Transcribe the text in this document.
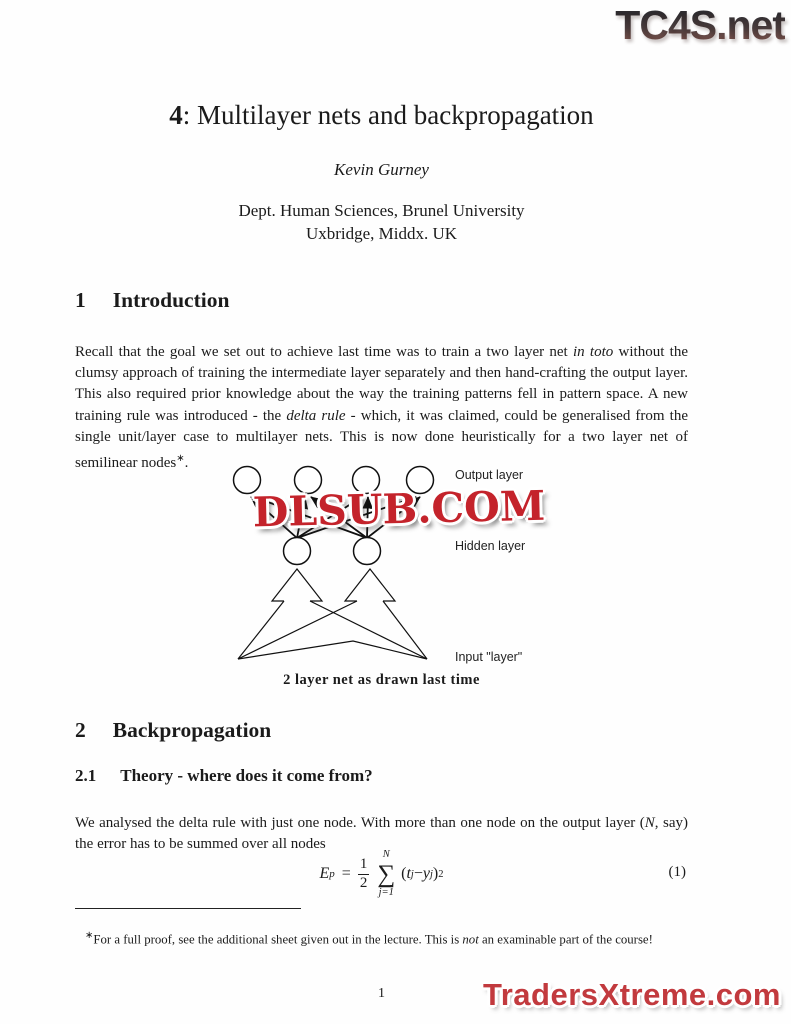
TC4S.net
4: Multilayer nets and backpropagation
Kevin Gurney
Dept. Human Sciences, Brunel University
Uxbridge, Middx. UK
1 Introduction

Recall that the goal we set out to achieve last time was to train a two layer net in toto without the clumsy approach of training the intermediate layer separately and then hand-crafting the output layer. This also required prior knowledge about the way the training patterns fell in pattern space. A new training rule was introduced - the delta rule - which, it was claimed, could be generalised from the single unit/layer case to multilayer nets. This is now done heuristically for a two layer net of semilinear nodes∗.

Output layer
Hidden layer
Input "layer"
2 layer net as drawn last time
DLSUB.COM
2 Backpropagation
2.1 Theory - where does it come from?

We analysed the delta rule with just one node. With more than one node on the output layer (N, say) the error has to be summed over all nodes

E $p = \frac{1}{2}$
N
∑
j=1
( t j − y j ) 2	(1)

∗For a full proof, see the additional sheet given out in the lecture. This is not an examinable part of the course!

1	TradersXtreme.com
